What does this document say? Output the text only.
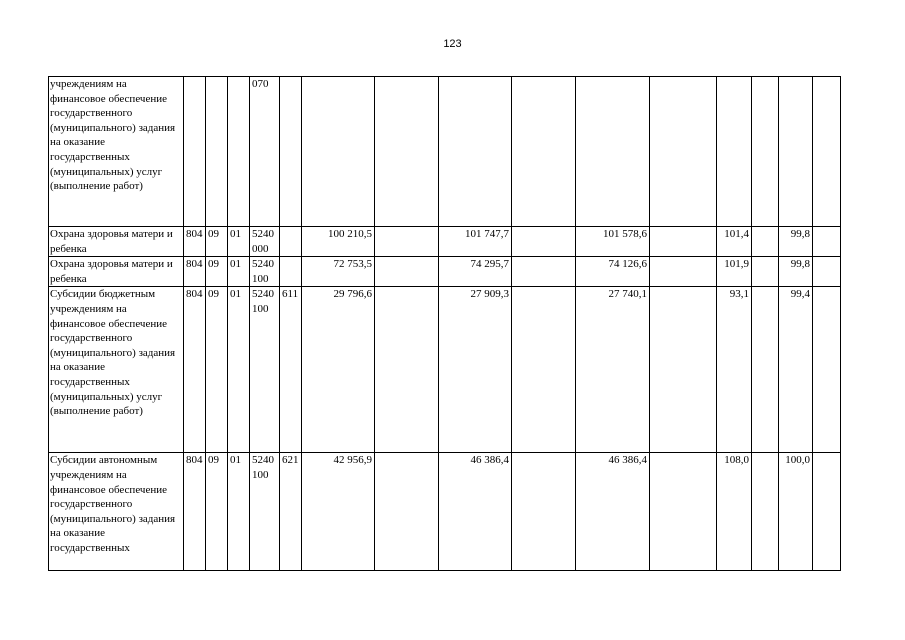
123
учреждениям на финансовое обеспечение государственного (муниципального) задания на оказание государственных (муниципальных) услуг (выполнение работ)				070											
Охрана здоровья матери и ребенка	804	09	01	5240 000		100 210,5		101 747,7		101 578,6		101,4		99,8	
Охрана здоровья матери и ребенка	804	09	01	5240 100		72 753,5		74 295,7		74 126,6		101,9		99,8	
Субсидии бюджетным учреждениям на финансовое обеспечение государственного (муниципального) задания на оказание государственных (муниципальных) услуг (выполнение работ)	804	09	01	5240 100	611	29 796,6		27 909,3		27 740,1		93,1		99,4	
Субсидии автономным учреждениям на финансовое обеспечение государственного (муниципального) задания на оказание государственных	804	09	01	5240 100	621	42 956,9		46 386,4		46 386,4		108,0		100,0	
